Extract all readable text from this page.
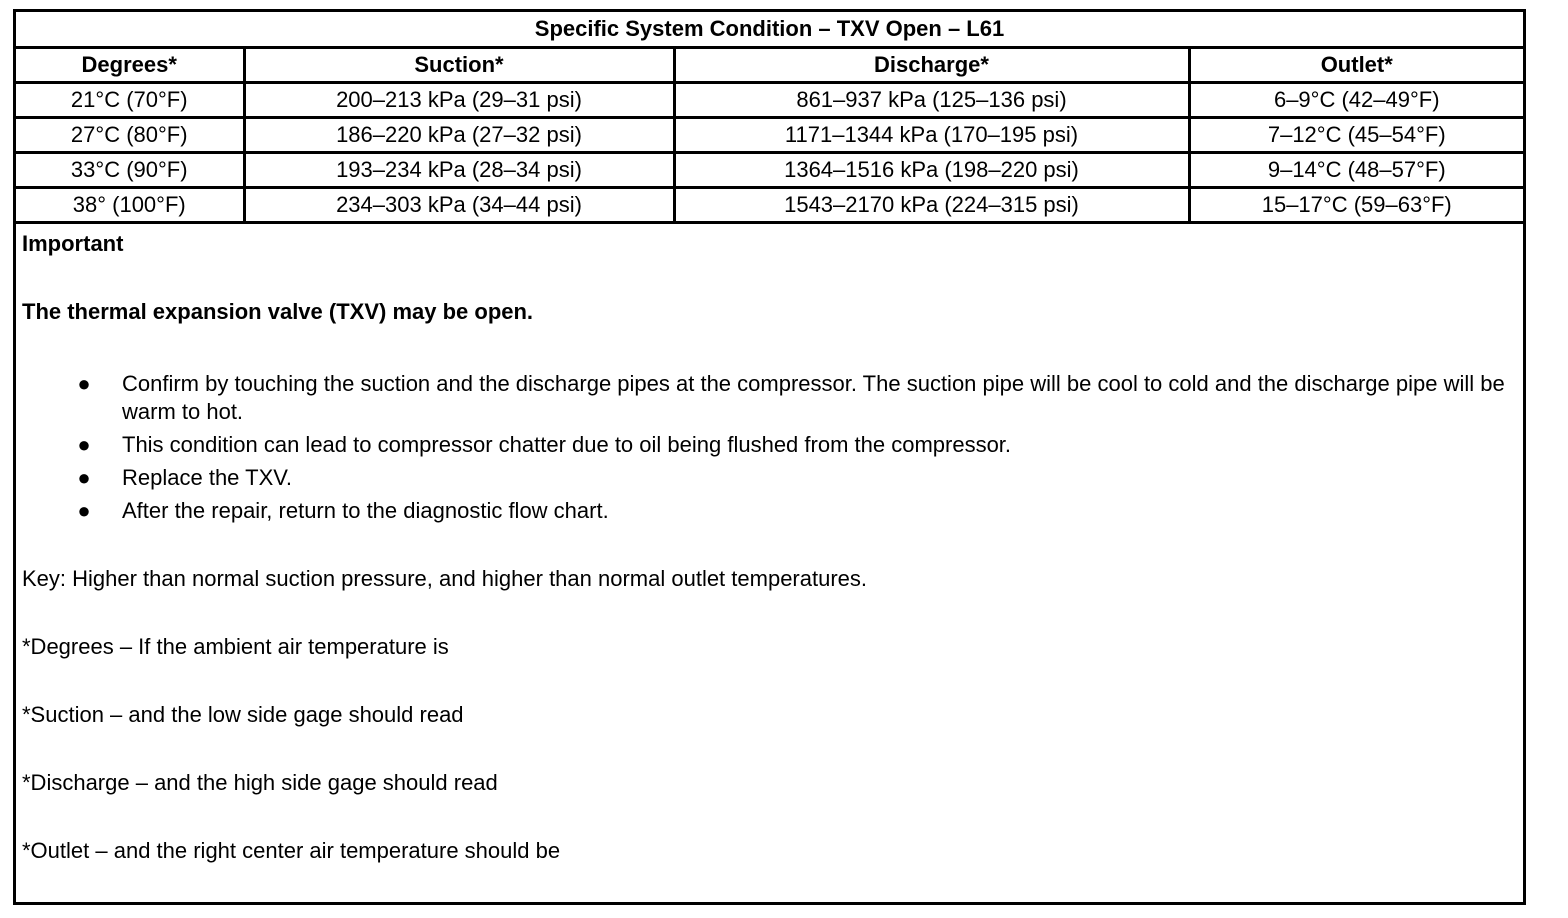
Specific System Condition – TXV Open – L61			
Degrees*	Suction*	Discharge*	Outlet*
21°C (70°F)	200–213 kPa (29–31 psi)	861–937 kPa (125–136 psi)	6–9°C (42–49°F)
27°C (80°F)	186–220 kPa (27–32 psi)	1171–1344 kPa (170–195 psi)	7–12°C (45–54°F)
33°C (90°F)	193–234 kPa (28–34 psi)	1364–1516 kPa (198–220 psi)	9–14°C (48–57°F)
38° (100°F)	234–303 kPa (34–44 psi)	1543–2170 kPa (224–315 psi)	15–17°C (59–63°F)

Important

The thermal expansion valve (TXV) may be open.

● Confirm by touching the suction and the discharge pipes at the compressor. The suction pipe will be cool to cold and the discharge pipe will be warm to hot.
● This condition can lead to compressor chatter due to oil being flushed from the compressor.
● Replace the TXV.
● After the repair, return to the diagnostic flow chart.

Key: Higher than normal suction pressure, and higher than normal outlet temperatures.

*Degrees – If the ambient air temperature is

*Suction – and the low side gage should read

*Discharge – and the high side gage should read

*Outlet – and the right center air temperature should be
